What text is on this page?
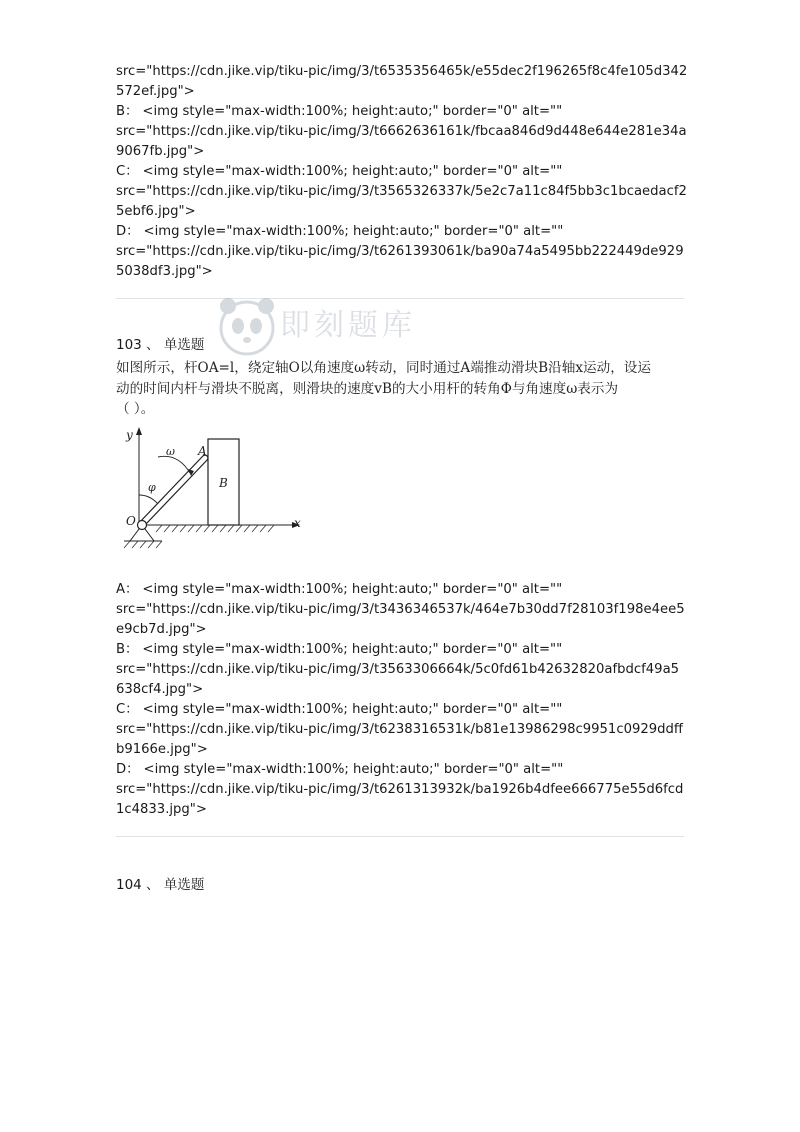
src="https://cdn.jike.vip/tiku-pic/img/3/t6535356465k/e55dec2f196265f8c4fe105d342
572ef.jpg">
B： <img style="max-width:100%; height:auto;" border="0" alt=""
src="https://cdn.jike.vip/tiku-pic/img/3/t6662636161k/fbcaa846d9d448e644e281e34a
9067fb.jpg">
C： <img style="max-width:100%; height:auto;" border="0" alt=""
src="https://cdn.jike.vip/tiku-pic/img/3/t3565326337k/5e2c7a11c84f5bb3c1bcaedacf2
5ebf6.jpg">
D： <img style="max-width:100%; height:auto;" border="0" alt=""
src="https://cdn.jike.vip/tiku-pic/img/3/t6261393061k/ba90a74a5495bb222449de929
5038df3.jpg">
103 、 单选题
如图所示，杆OA=l，绕定轴O以角速度ω转动，同时通过A端推动滑块B沿轴x运动，设运
动的时间内杆与滑块不脱离，则滑块的速度vB的大小用杆的转角Φ与角速度ω表示为
（ ）。
y
x
B
A
ω
φ
O
A： <img style="max-width:100%; height:auto;" border="0" alt=""
src="https://cdn.jike.vip/tiku-pic/img/3/t3436346537k/464e7b30dd7f28103f198e4ee5
e9cb7d.jpg">
B： <img style="max-width:100%; height:auto;" border="0" alt=""
src="https://cdn.jike.vip/tiku-pic/img/3/t3563306664k/5c0fd61b42632820afbdcf49a5
638cf4.jpg">
C： <img style="max-width:100%; height:auto;" border="0" alt=""
src="https://cdn.jike.vip/tiku-pic/img/3/t6238316531k/b81e13986298c9951c0929ddff
b9166e.jpg">
D： <img style="max-width:100%; height:auto;" border="0" alt=""
src="https://cdn.jike.vip/tiku-pic/img/3/t6261313932k/ba1926b4dfee666775e55d6fcd
1c4833.jpg">
104 、 单选题
即刻题库
